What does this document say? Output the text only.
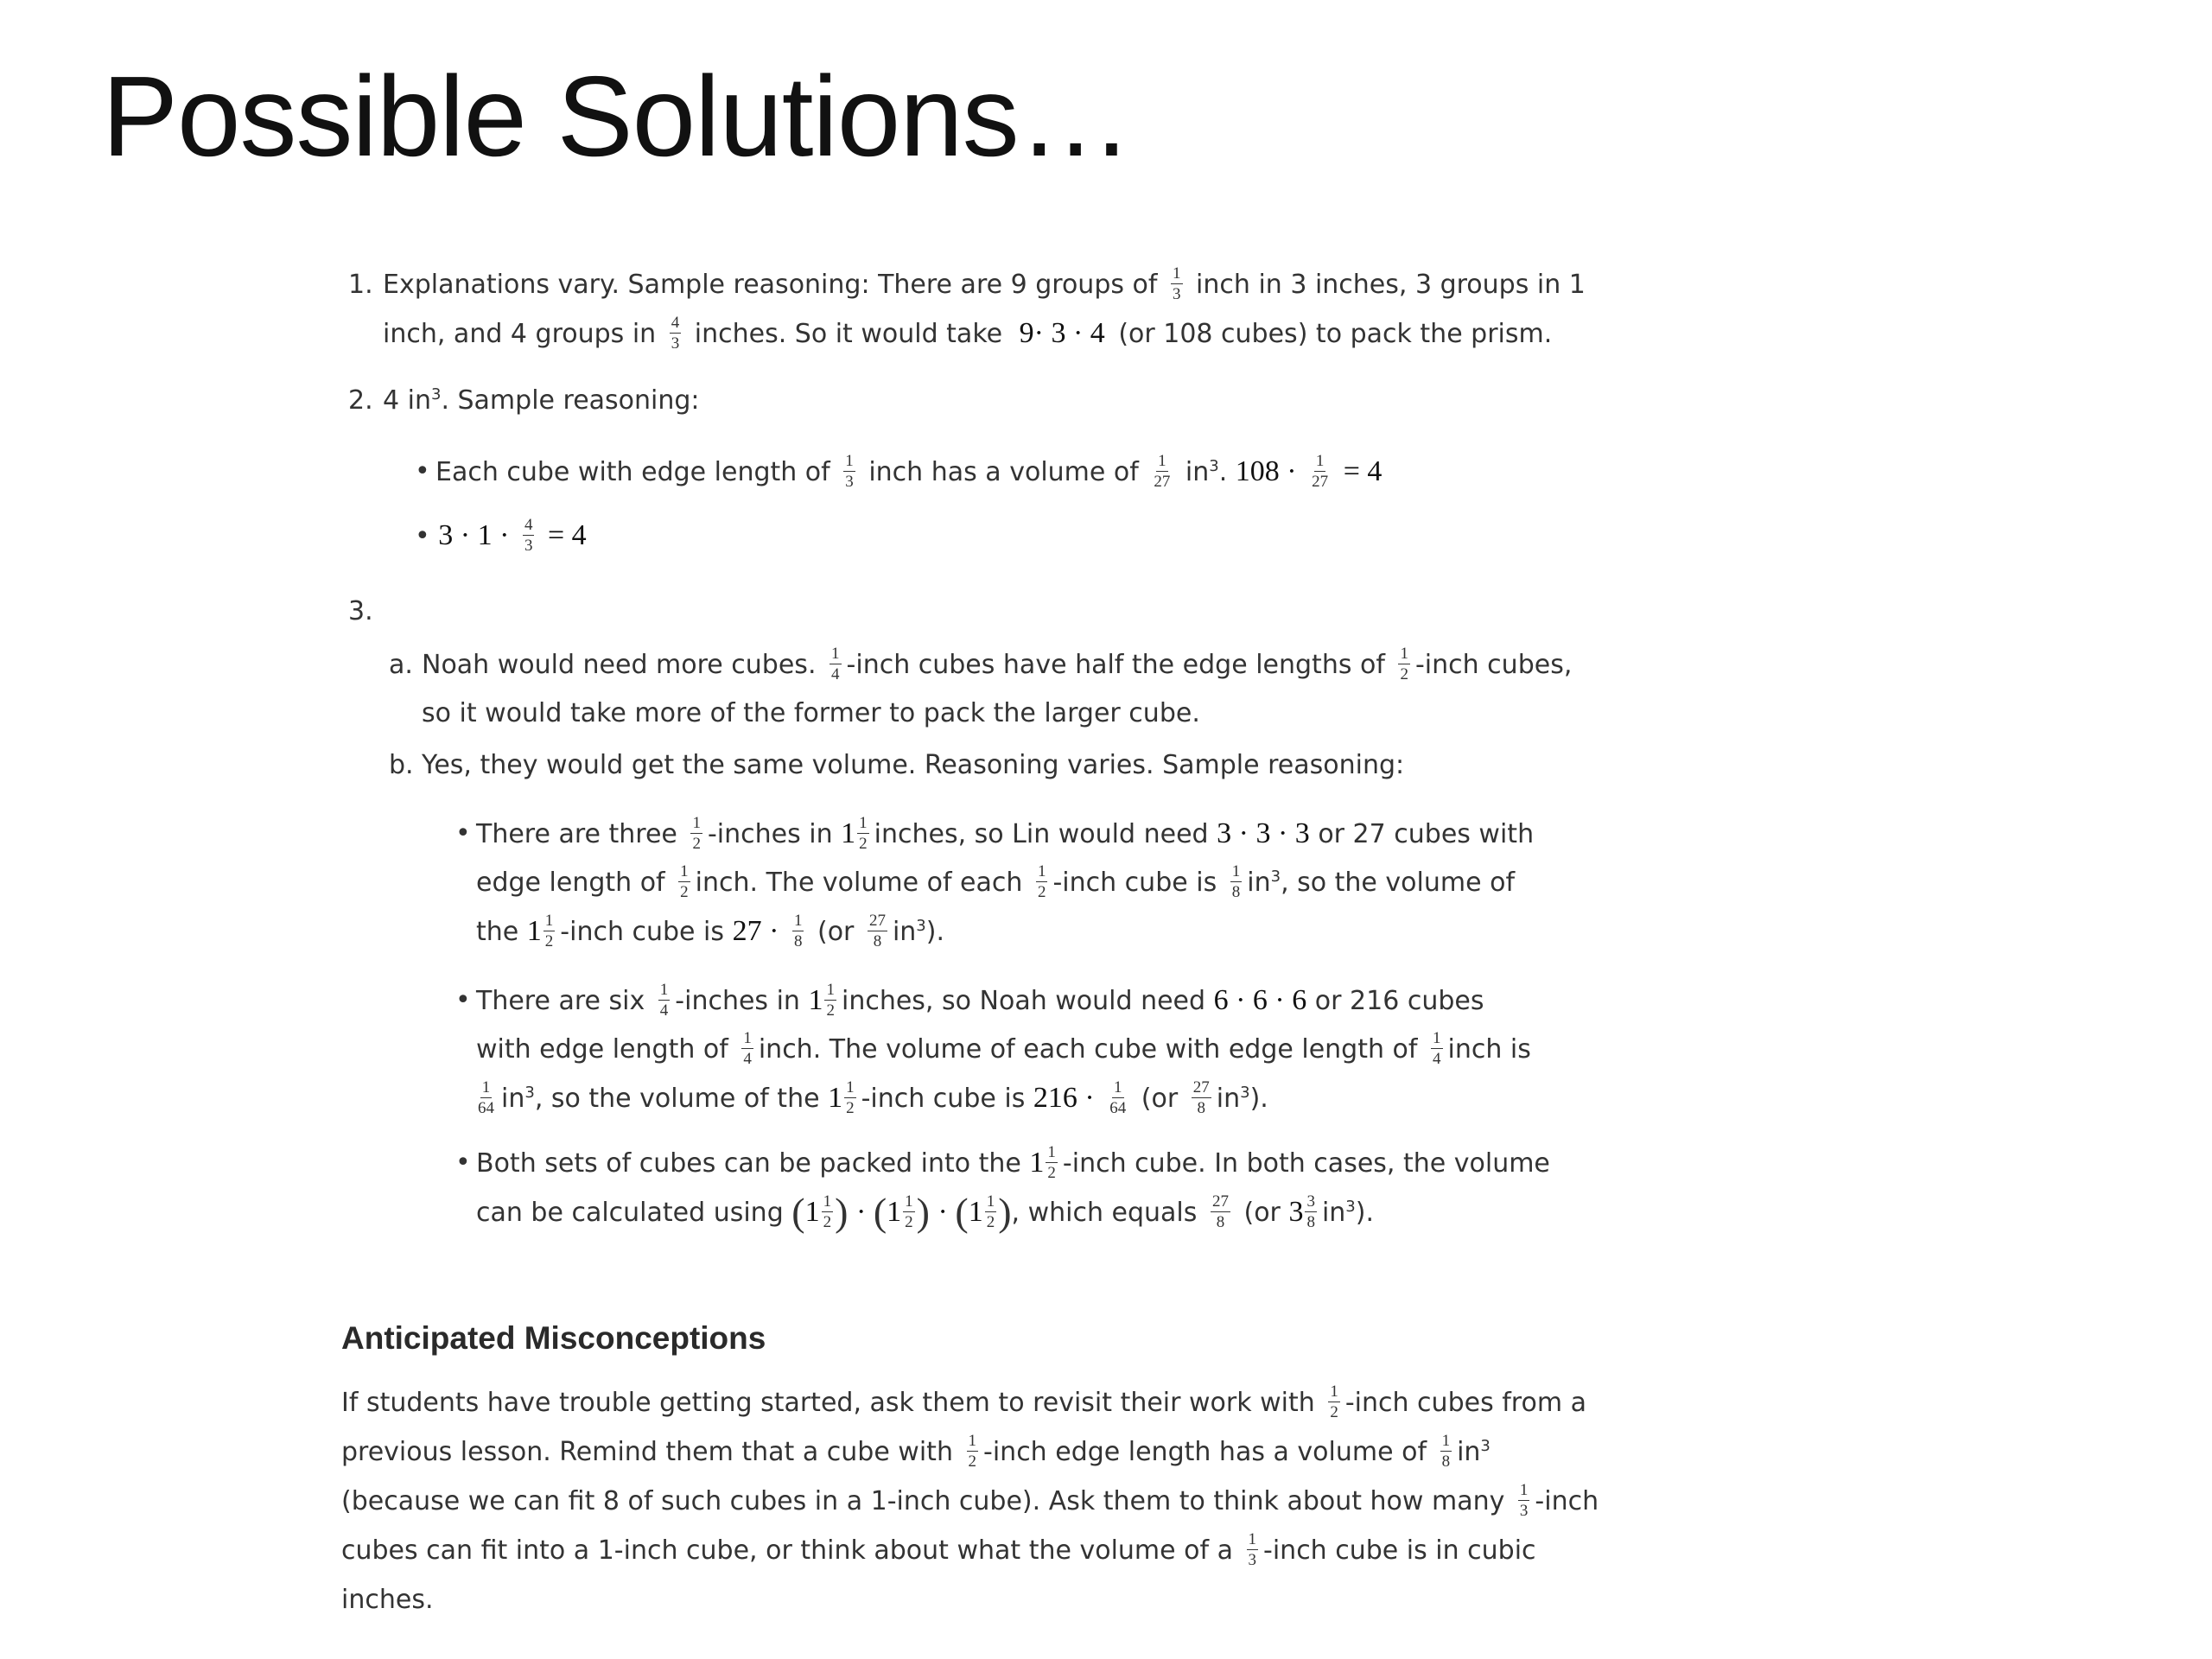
Possible Solutions…
1. Explanations vary. Sample reasoning: There are 9 groups of $\frac{1}{3}$ inch in 3 inches, 3 groups in 1
inch, and 4 groups in $\frac{4}{3}$ inches. So it would take 9· 3 · 4 (or 108 cubes) to pack the prism.
2. 4 $in^3$. Sample reasoning:
• Each cube with edge length of $\frac{1}{3}$ inch has a volume of $\frac{1}{27} in^3$. $108 \cdot \frac{1}{27} = 4$
• $3 \cdot 1 \cdot \frac{4}{3} = 4$
3.
a. Noah would need more cubes. $\frac{1}{4}$ -inch cubes have half the edge lengths of $\frac{1}{2}$ -inch cubes,
so it would take more of the former to pack the larger cube.
b. Yes, they would get the same volume. Reasoning varies. Sample reasoning:
• There are three $\frac{1}{2}$ -inches in $1 \frac{1}{2}$ inches, so Lin would need 3 · 3 · 3 or 27 cubes with
edge length of $\frac{1}{2}$ inch. The volume of each $\frac{1}{2}$ -inch cube is $\frac{1}{8} in^3$, so the volume of
the $1 \frac{1}{2}$ -inch cube is $27 \cdot \frac{1}{8} (or \frac{27}{8} in^3)$.
• There are six $\frac{1}{4}$ -inches in $1 \frac{1}{2}$ inches, so Noah would need 6 · 6 · 6 or 216 cubes
with edge length of $\frac{1}{4}$ inch. The volume of each cube with edge length of $\frac{1}{4}$ inch is
$\frac{1}{64} in^3$, so the volume of the $1 \frac{1}{2}$ -inch cube is $216 \cdot \frac{1}{64} (or \frac{27}{8} in^3)$.
• Both sets of cubes can be packed into the $1 \frac{1}{2}$ -inch cube. In both cases, the volume
can be calculated using ($1 \frac{1}{2}$ ) · ($1 \frac{1}{2}$ ) · ($1 \frac{1}{2}$ ), which equals $\frac{27}{8} (or$ $3 \frac{3}{8} in^3$).
Anticipated Misconceptions
If students have trouble getting started, ask them to revisit their work with $\frac{1}{2}$ -inch cubes from a
previous lesson. Remind them that a cube with $\frac{1}{2}$ -inch edge length has a volume of $\frac{1}{8} in^3$
(because we can fit 8 of such cubes in a 1-inch cube). Ask them to think about how many $\frac{1}{3}$ -inch
cubes can fit into a 1-inch cube, or think about what the volume of a $\frac{1}{3}$ -inch cube is in cubic
inches.
